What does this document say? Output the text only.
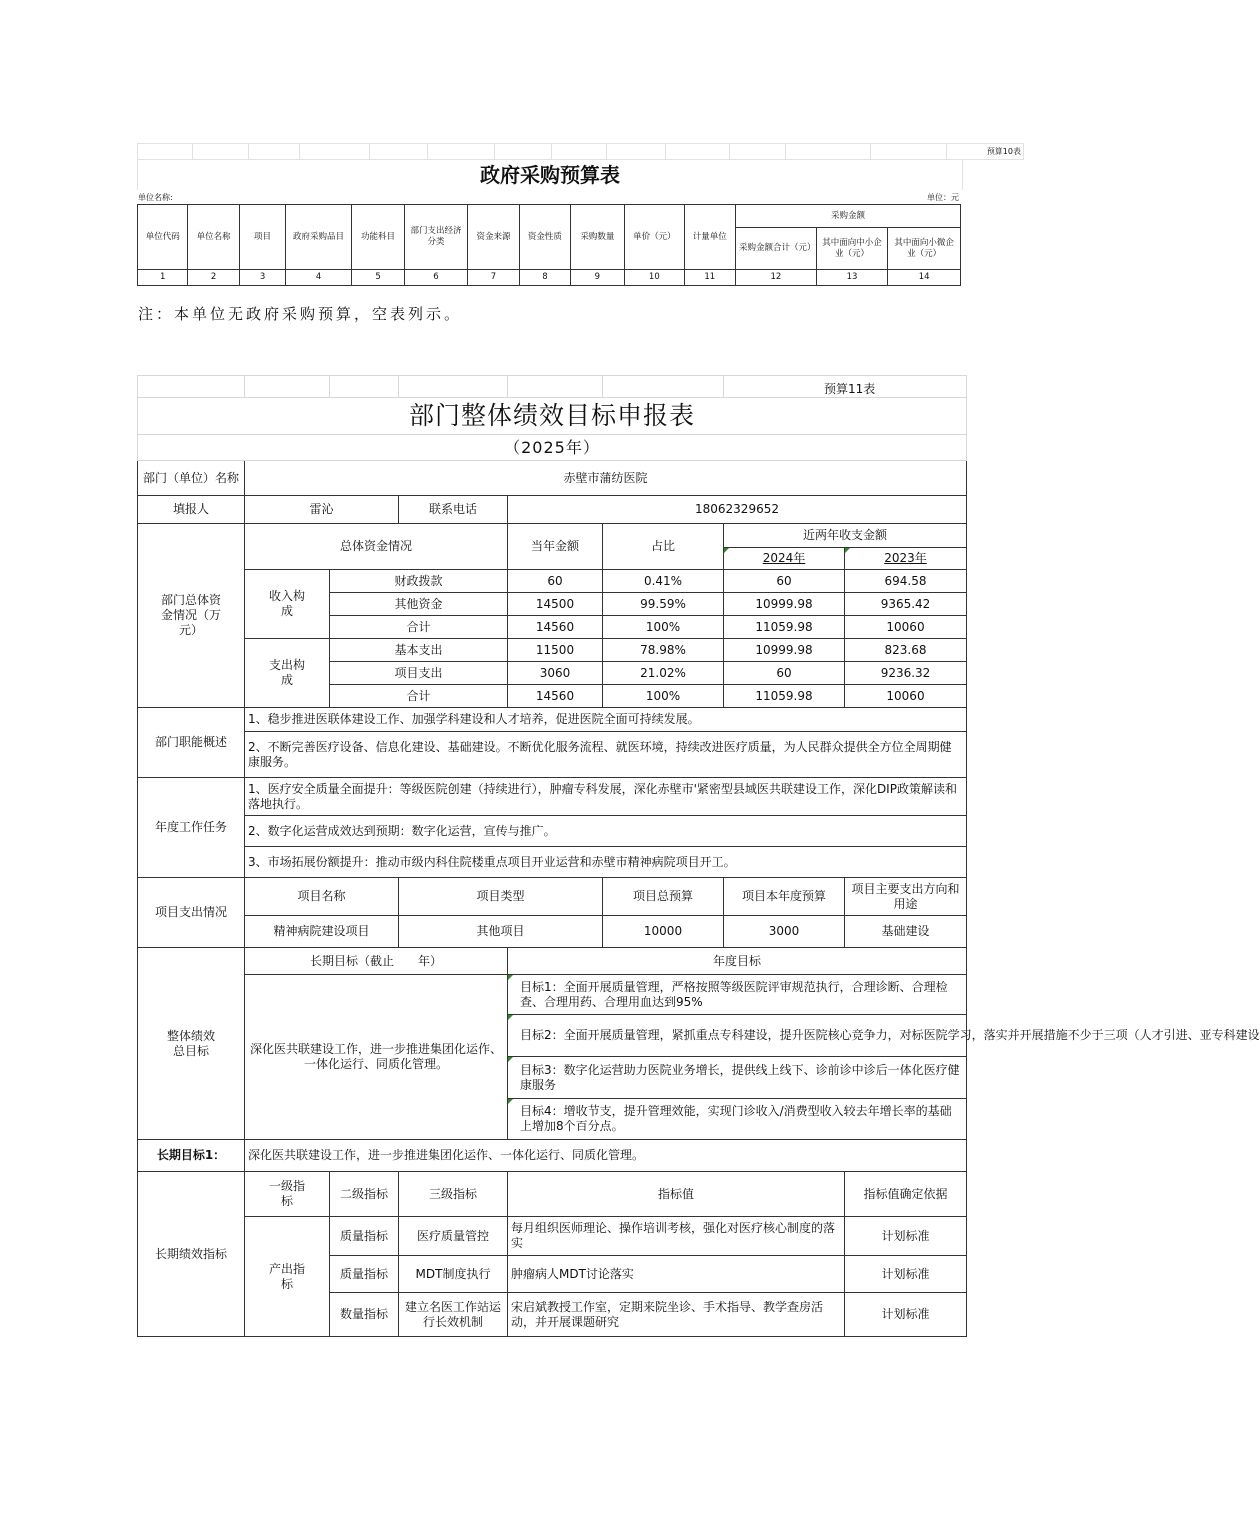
													预算10表
政府采购预算表
单位名称:	单位：元
单位代码	单位名称	项目	政府采购品目	功能科目	部门支出经济分类	资金来源	资金性质	采购数量	单价（元）	计量单位	采购金额		
											采购金额合计（元）	其中面向中小企业（元）	其中面向小微企业（元）
1	2	3	4	5	6	7	8	9	10	11	12	13	14
注：本单位无政府采购预算，空表列示。
						预算11表	
部门整体绩效目标申报表							
（2025年）							
部门（单位）名称	赤壁市蒲纺医院						
填报人	雷沁		联系电话	18062329652			
部门总体资金情况（万元）	总体资金情况			当年金额	占比	近两年收支金额	
						2024年	2023年
	收入构成	财政拨款		60	0.41%	60	694.58
		其他资金		14500	99.59%	10999.98	9365.42
		合计		14560	100%	11059.98	10060
	支出构成	基本支出		11500	78.98%	10999.98	823.68
		项目支出		3060	21.02%	60	9236.32
		合计		14560	100%	11059.98	10060
部门职能概述	1、稳步推进医联体建设工作、加强学科建设和人才培养，促进医院全面可持续发展。						
	2、不断完善医疗设备、信息化建设、基础建设。不断优化服务流程、就医环境，持续改进医疗质量，为人民群众提供全方位全周期健康服务。						
年度工作任务	1、医疗安全质量全面提升：等级医院创建（持续进行），肿瘤专科发展，深化赤壁市'紧密型县域医共联建设工作，深化DIP政策解读和落地执行。						
	2、数字化运营成效达到预期：数字化运营，宣传与推广。						
	3、市场拓展份额提升：推动市级内科住院楼重点项目开业运营和赤壁市精神病院项目开工。						
项目支出情况	项目名称		项目类型		项目总预算	项目本年度预算	项目主要支出方向和用途
	精神病院建设项目		其他项目		10000	3000	基础建设
整体绩效总目标	长期目标（截止　　年）			年度目标			
	深化医共联建设工作，进一步推进集团化运作、一体化运行、同质化管理。			目标1：全面开展质量管理，严格按照等级医院评审规范执行，合理诊断、合理检查、合理用药、合理用血达到95%			
				目标2：全面开展质量管理，紧抓重点专科建设，提升医院核心竞争力，对标医院学习，落实并开展措施不少于三项（人才引进、亚专科建设			
				目标3：数字化运营助力医院业务增长，提供线上线下、诊前诊中诊后一体化医疗健康服务			
				目标4：增收节支，提升管理效能，实现门诊收入/消费型收入较去年增长率的基础上增加8个百分点。			
长期目标1：	深化医共联建设工作，进一步推进集团化运作、一体化运行、同质化管理。						
长期绩效指标	一级指标	二级指标	三级指标	指标值			指标值确定依据
	产出指标	质量指标	医疗质量管控	每月组织医师理论、操作培训考核，强化对医疗核心制度的落实			计划标准
		质量指标	MDT制度执行	肿瘤病人MDT讨论落实			计划标准
		数量指标	建立名医工作站运行长效机制	宋启斌教授工作室，定期来院坐诊、手术指导、教学查房活动，并开展课题研究			计划标准
